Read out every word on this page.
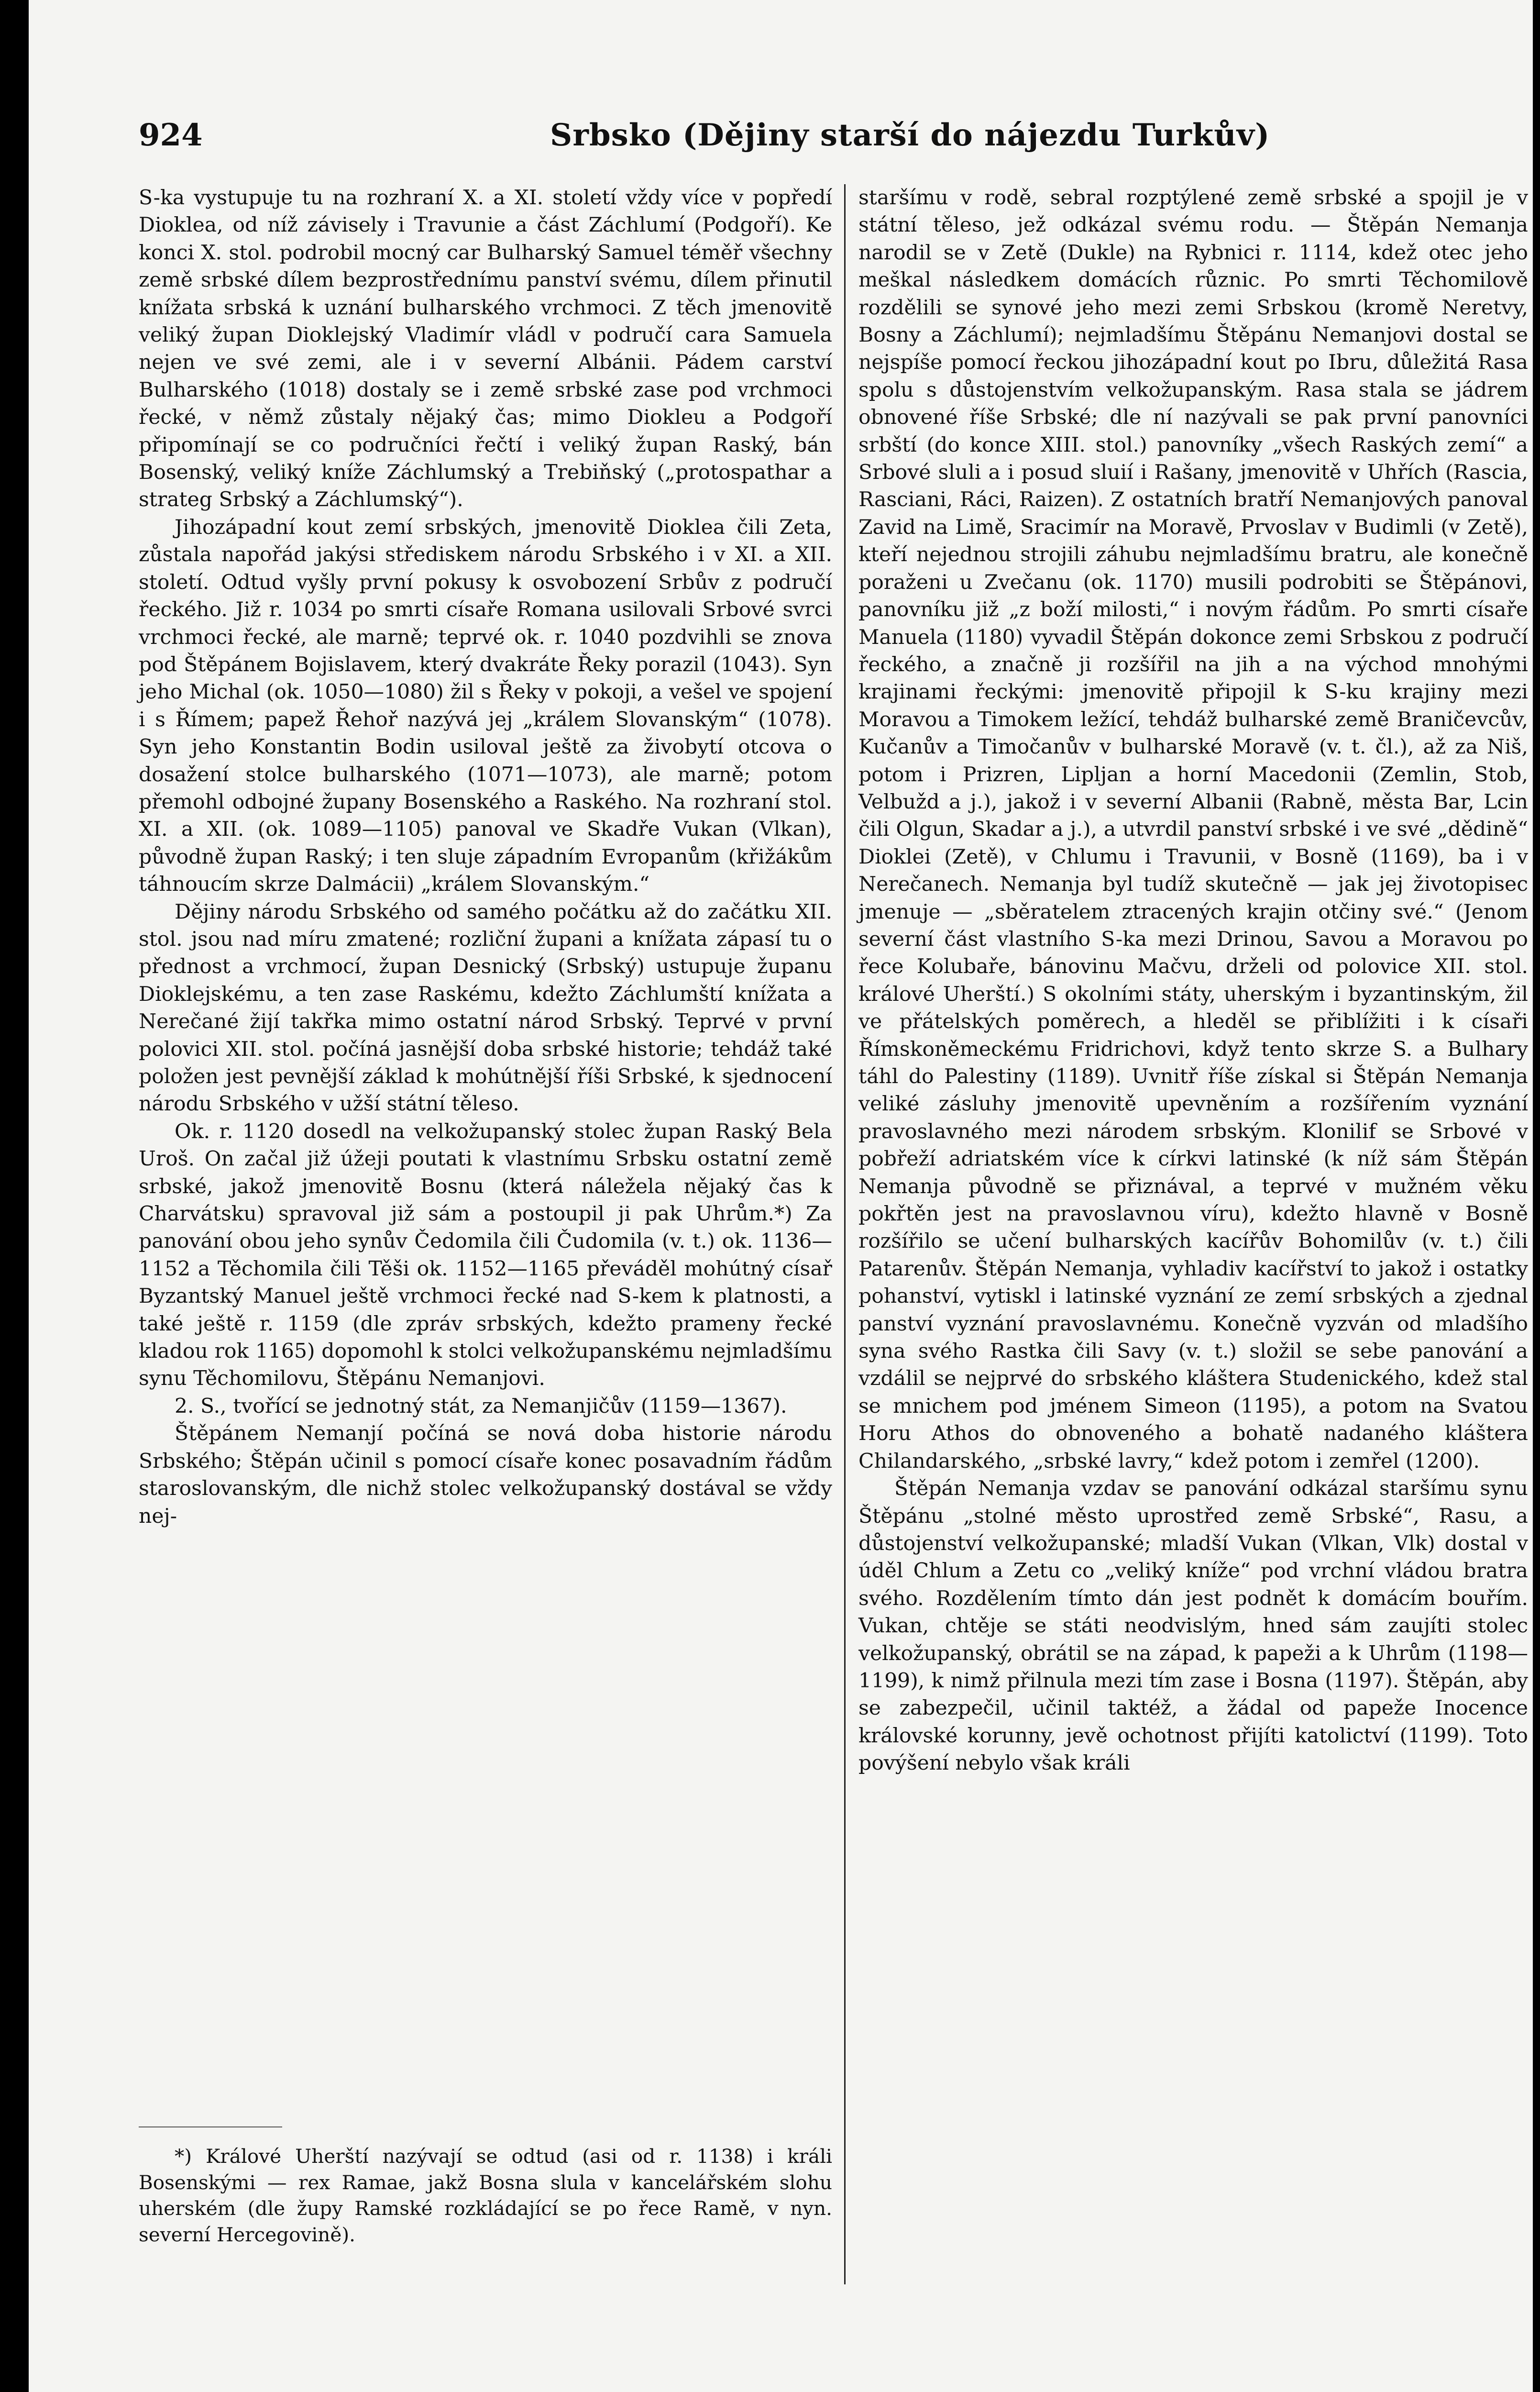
924	Srbsko (Dějiny starší do nájezdu Turkův)

S-ka vystupuje tu na rozhraní X. a XI. století vždy více v popředí Dioklea, od níž závisely i Travunie a část Záchlumí (Podgoří). Ke konci X. stol. podrobil mocný car Bulharský Samuel téměř všechny země srbské dílem bezprostřednímu panství svému, dílem přinutil knížata srbská k uznání bulharského vrchmoci. Z těch jmenovitě veliký župan Dioklejský Vladimír vládl v područí cara Samuela nejen ve své zemi, ale i v severní Albánii. Pádem carství Bulharského (1018) dostaly se i země srbské zase pod vrchmoci řecké, v němž zůstaly nějaký čas; mimo Diokleu a Podgoří připomínají se co područníci řečtí i veliký župan Raský, bán Bosenský, veliký kníže Záchlumský a Trebiňský („protospathar a strateg Srbský a Záchlumský“).

Jihozápadní kout zemí srbských, jmenovitě Dioklea čili Zeta, zůstala napořád jakýsi střediskem národu Srbského i v XI. a XII. století. Odtud vyšly první pokusy k osvobození Srbův z područí řeckého. Již r. 1034 po smrti císaře Romana usilovali Srbové svrci vrchmoci řecké, ale marně; teprvé ok. r. 1040 pozdvihli se znova pod Štěpánem Bojislavem, který dvakráte Řeky porazil (1043). Syn jeho Michal (ok. 1050—1080) žil s Řeky v pokoji, a vešel ve spojení i s Římem; papež Řehoř nazývá jej „králem Slovanským“ (1078). Syn jeho Konstantin Bodin usiloval ještě za živobytí otcova o dosažení stolce bulharského (1071—1073), ale marně; potom přemohl odbojné župany Bosenského a Raského. Na rozhraní stol. XI. a XII. (ok. 1089—1105) panoval ve Skadře Vukan (Vlkan), původně župan Raský; i ten sluje západním Evropanům (křižákům táhnoucím skrze Dalmácii) „králem Slovanským.“

Dějiny národu Srbského od samého počátku až do začátku XII. stol. jsou nad míru zmatené; rozliční župani a knížata zápasí tu o přednost a vrchmocí, župan Desnický (Srbský) ustupuje županu Dioklejskému, a ten zase Raskému, kdežto Záchlumští knížata a Nerečané žijí takřka mimo ostatní národ Srbský. Teprvé v první polovici XII. stol. počíná jasnější doba srbské historie; tehdáž také položen jest pevnější základ k mohútnější říši Srbské, k sjednocení národu Srbského v užší státní těleso.

Ok. r. 1120 dosedl na velkožupanský stolec župan Raský Bela Uroš. On začal již úžeji poutati k vlastnímu Srbsku ostatní země srbské, jakož jmenovitě Bosnu (která náležela nějaký čas k Charvátsku) spravoval již sám a postoupil ji pak Uhrům.*) Za panování obou jeho synův Čedomila čili Čudomila (v. t.) ok. 1136—1152 a Těchomila čili Těši ok. 1152—1165 převáděl mohútný císař Byzantský Manuel ještě vrchmoci řecké nad S-kem k platnosti, a také ještě r. 1159 (dle zpráv srbských, kdežto prameny řecké kladou rok 1165) dopomohl k stolci velkožupanskému nejmladšímu synu Těchomilovu, Štěpánu Nemanjovi.

2. S., tvořící se jednotný stát, za Nemanjičův (1159—1367).

Štěpánem Nemanjí počíná se nová doba historie národu Srbského; Štěpán učinil s pomocí císaře konec posavadním řádům staroslovanským, dle nichž stolec velkožupanský dostával se vždy nej-

*) Králové Uherští nazývají se odtud (asi od r. 1138) i králi Bosenskými — rex Ramae, jakž Bosna slula v kancelářském slohu uherském (dle župy Ramské rozkládající se po řece Ramě, v nyn. severní Hercegovině).

staršímu v rodě, sebral rozptýlené země srbské a spojil je v státní těleso, jež odkázal svému rodu. — Štěpán Nemanja narodil se v Zetě (Dukle) na Rybnici r. 1114, kdež otec jeho meškal následkem domácích různic. Po smrti Těchomilově rozdělili se synové jeho mezi zemi Srbskou (kromě Neretvy, Bosny a Záchlumí); nejmladšímu Štěpánu Nemanjovi dostal se nejspíše pomocí řeckou jihozápadní kout po Ibru, důležitá Rasa spolu s důstojenstvím velkožupanským. Rasa stala se jádrem obnovené říše Srbské; dle ní nazývali se pak první panovníci srbští (do konce XIII. stol.) panovníky „všech Raských zemí“ a Srbové sluli a i posud sluií i Rašany, jmenovitě v Uhřích (Rascia, Rasciani, Ráci, Raizen). Z ostatních bratří Nemanjových panoval Zavid na Limě, Sracimír na Moravě, Prvoslav v Budimli (v Zetě), kteří nejednou strojili záhubu nejmladšímu bratru, ale konečně poraženi u Zvečanu (ok. 1170) musili podrobiti se Štěpánovi, panovníku již „z boží milosti,“ i novým řádům. Po smrti císaře Manuela (1180) vyvadil Štěpán dokonce zemi Srbskou z područí řeckého, a značně ji rozšířil na jih a na východ mnohými krajinami řeckými: jmenovitě připojil k S-ku krajiny mezi Moravou a Timokem ležící, tehdáž bulharské země Braničevcův, Kučanův a Timočanův v bulharské Moravě (v. t. čl.), až za Niš, potom i Prizren, Lipljan a horní Macedonii (Zemlin, Stob, Velbužd a j.), jakož i v severní Albanii (Rabně, města Bar, Lcin čili Olgun, Skadar a j.), a utvrdil panství srbské i ve své „dědině“ Dioklei (Zetě), v Chlumu i Travunii, v Bosně (1169), ba i v Nerečanech. Nemanja byl tudíž skutečně — jak jej životopisec jmenuje — „sběratelem ztracených krajin otčiny své.“ (Jenom severní část vlastního S-ka mezi Drinou, Savou a Moravou po řece Kolubaře, bánovinu Mačvu, drželi od polovice XII. stol. králové Uherští.) S okolními státy, uherským i byzantinským, žil ve přátelských poměrech, a hleděl se přiblížiti i k císaři Římskoněmeckému Fridrichovi, když tento skrze S. a Bulhary táhl do Palestiny (1189). Uvnitř říše získal si Štěpán Nemanja veliké zásluhy jmenovitě upevněním a rozšířením vyznání pravoslavného mezi národem srbským. Klonilif se Srbové v pobřeží adriatském více k církvi latinské (k níž sám Štěpán Nemanja původně se přiznával, a teprvé v mužném věku pokřtěn jest na pravoslavnou víru), kdežto hlavně v Bosně rozšířilo se učení bulharských kacířův Bohomilův (v. t.) čili Patarenův. Štěpán Nemanja, vyhladiv kacířství to jakož i ostatky pohanství, vytiskl i latinské vyznání ze zemí srbských a zjednal panství vyznání pravoslavnému. Konečně vyzván od mladšího syna svého Rastka čili Savy (v. t.) složil se sebe panování a vzdálil se nejprvé do srbského kláštera Studenického, kdež stal se mnichem pod jménem Simeon (1195), a potom na Svatou Horu Athos do obnoveného a bohatě nadaného kláštera Chilandarského, „srbské lavry,“ kdež potom i zemřel (1200).

Štěpán Nemanja vzdav se panování odkázal staršímu synu Štěpánu „stolné město uprostřed země Srbské“, Rasu, a důstojenství velkožupanské; mladší Vukan (Vlkan, Vlk) dostal v úděl Chlum a Zetu co „veliký kníže“ pod vrchní vládou bratra svého. Rozdělením tímto dán jest podnět k domácím bouřím. Vukan, chtěje se státi neodvislým, hned sám zaujíti stolec velkožupanský, obrátil se na západ, k papeži a k Uhrům (1198—1199), k nimž přilnula mezi tím zase i Bosna (1197). Štěpán, aby se zabezpečil, učinil taktéž, a žádal od papeže Inocence královské korunny, jevě ochotnost přijíti katolictví (1199). Toto povýšení nebylo však králi
